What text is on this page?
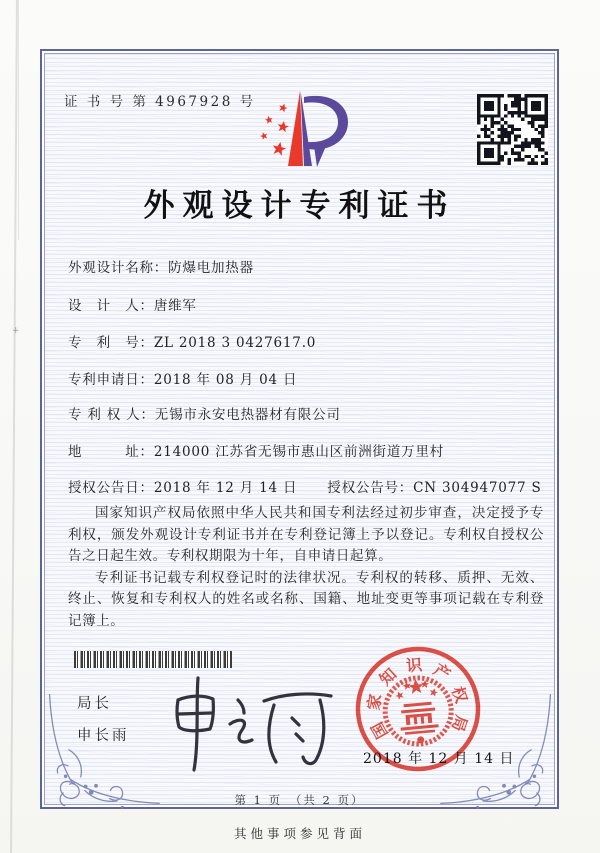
+
证 书 号 第 4967928 号
外观设计专利证书
外观设计名称：防爆电加热器
设　计　人：唐维军
专　利　号：ZL 2018 3 0427617.0
专利申请日：2018 年 08 月 04 日
专 利 权 人：无锡市永安电热器材有限公司
地　　　址：214000 江苏省无锡市惠山区前洲街道万里村
授权公告日：2018 年 12 月 14 日 授权公告号：CN 304947077 S

国家知识产权局依照中华人民共和国专利法经过初步审查，决定授予专利权，颁发外观设计专利证书并在专利登记簿上予以登记。专利权自授权公告之日起生效。专利权期限为十年，自申请日起算。

专利证书记载专利权登记时的法律状况。专利权的转移、质押、无效、终止、恢复和专利权人的姓名或名称、国籍、地址变更等事项记载在专利登记簿上。

局长
申长雨
2018 年 12 月 14 日
国
家
知 识 产
权
局
第 1 页　（共 2 页）
其他事项参见背面
